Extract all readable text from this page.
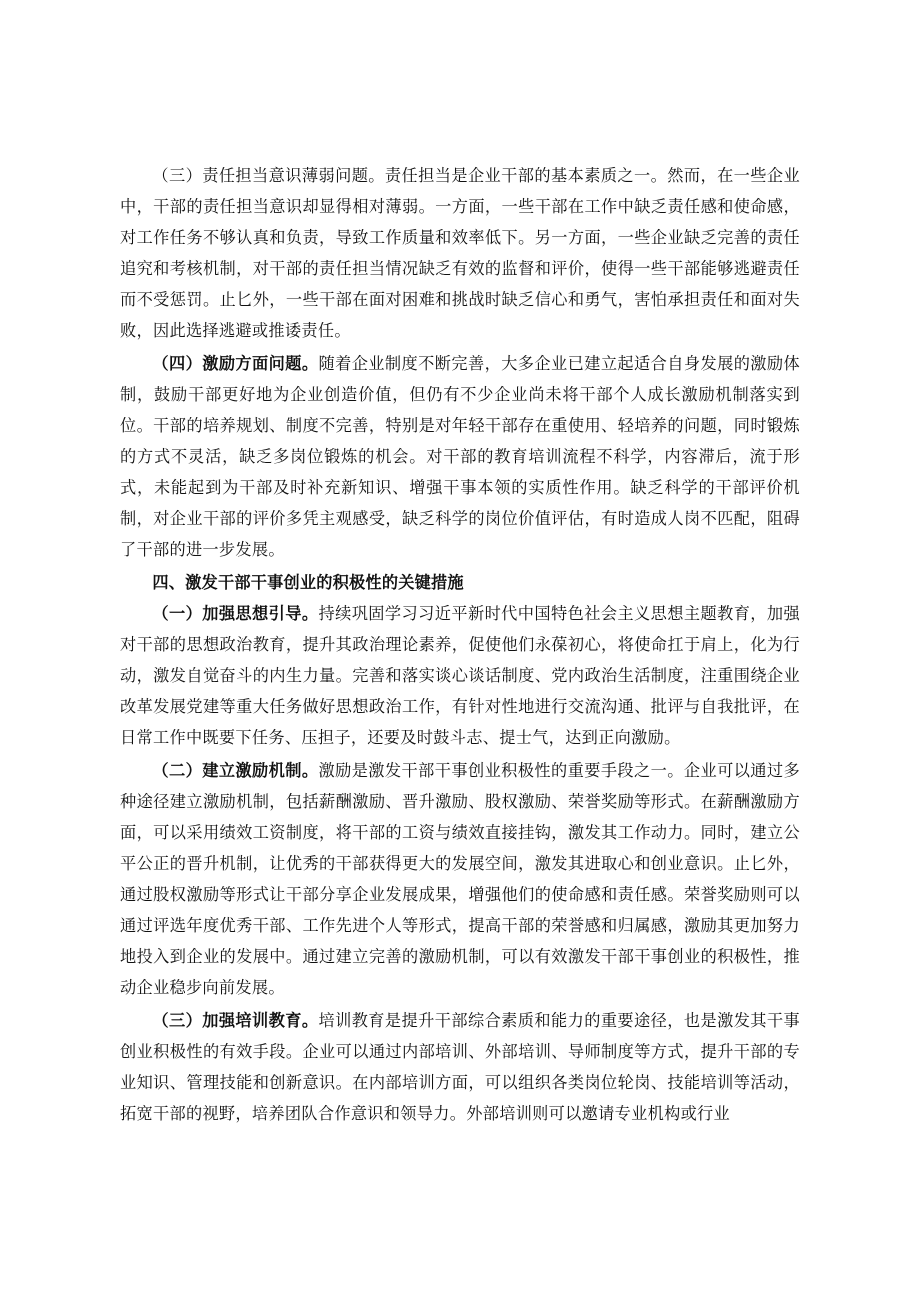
（三）责任担当意识薄弱问题。责任担当是企业干部的基本素质之一。然而，在一些企业中，干部的责任担当意识却显得相对薄弱。一方面，一些干部在工作中缺乏责任感和使命感，对工作任务不够认真和负责，导致工作质量和效率低下。另一方面，一些企业缺乏完善的责任追究和考核机制，对干部的责任担当情况缺乏有效的监督和评价，使得一些干部能够逃避责任而不受惩罚。止匕外，一些干部在面对困难和挑战时缺乏信心和勇气，害怕承担责任和面对失败，因此选择逃避或推诿责任。

（四）激励方面问题。随着企业制度不断完善，大多企业已建立起适合自身发展的激励体制，鼓励干部更好地为企业创造价值，但仍有不少企业尚未将干部个人成长激励机制落实到位。干部的培养规划、制度不完善，特别是对年轻干部存在重使用、轻培养的问题，同时锻炼的方式不灵活，缺乏多岗位锻炼的机会。对干部的教育培训流程不科学，内容滞后，流于形式，未能起到为干部及时补充新知识、增强干事本领的实质性作用。缺乏科学的干部评价机制，对企业干部的评价多凭主观感受，缺乏科学的岗位价值评估，有时造成人岗不匹配，阻碍了干部的进一步发展。

四、激发干部干事创业的积极性的关键措施

（一）加强思想引导。持续巩固学习习近平新时代中国特色社会主义思想主题教育，加强对干部的思想政治教育，提升其政治理论素养，促使他们永葆初心，将使命扛于肩上，化为行动，激发自觉奋斗的内生力量。完善和落实谈心谈话制度、党内政治生活制度，注重围绕企业改革发展党建等重大任务做好思想政治工作，有针对性地进行交流沟通、批评与自我批评，在日常工作中既要下任务、压担子，还要及时鼓斗志、提士气，达到正向激励。

（二）建立激励机制。激励是激发干部干事创业积极性的重要手段之一。企业可以通过多种途径建立激励机制，包括薪酬激励、晋升激励、股权激励、荣誉奖励等形式。在薪酬激励方面，可以采用绩效工资制度，将干部的工资与绩效直接挂钩，激发其工作动力。同时，建立公平公正的晋升机制，让优秀的干部获得更大的发展空间，激发其进取心和创业意识。止匕外，通过股权激励等形式让干部分享企业发展成果，增强他们的使命感和责任感。荣誉奖励则可以通过评选年度优秀干部、工作先进个人等形式，提高干部的荣誉感和归属感，激励其更加努力地投入到企业的发展中。通过建立完善的激励机制，可以有效激发干部干事创业的积极性，推动企业稳步向前发展。

（三）加强培训教育。培训教育是提升干部综合素质和能力的重要途径，也是激发其干事创业积极性的有效手段。企业可以通过内部培训、外部培训、导师制度等方式，提升干部的专业知识、管理技能和创新意识。在内部培训方面，可以组织各类岗位轮岗、技能培训等活动，拓宽干部的视野，培养团队合作意识和领导力。外部培训则可以邀请专业机构或行业
